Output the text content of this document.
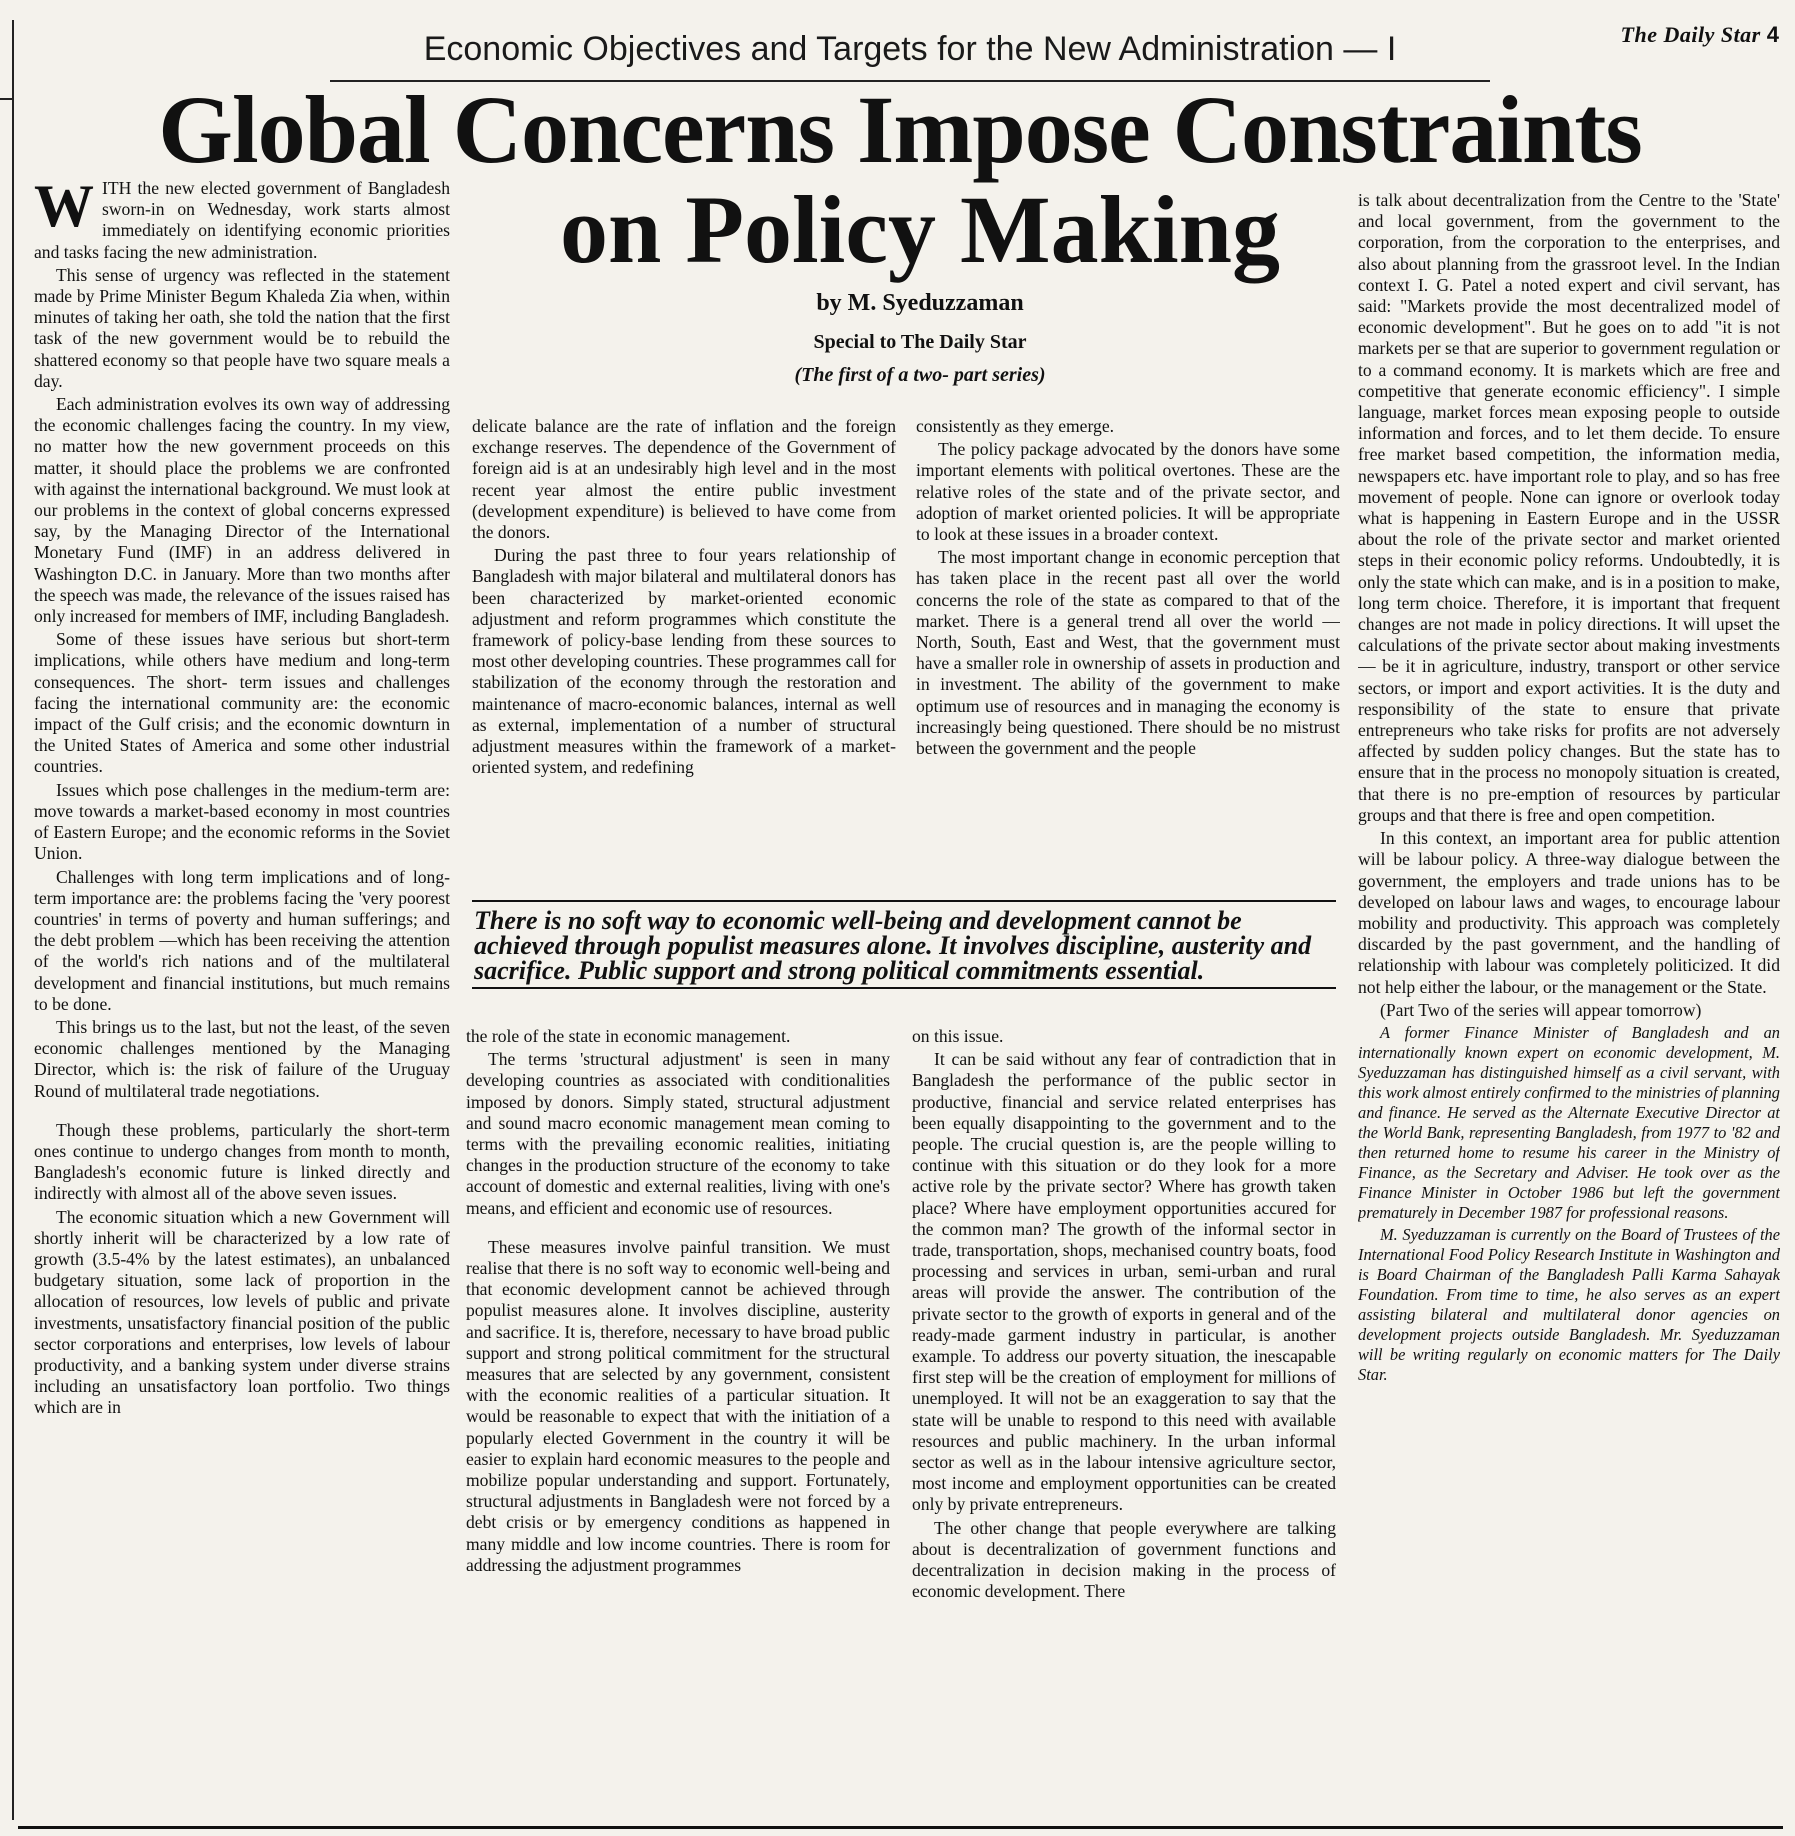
The Daily Star 4
Economic Objectives and Targets for the New Administration — I
Global Concerns Impose Constraints
on Policy Making
by M. Syeduzzaman
Special to The Daily Star
(The first of a two- part series)

WITH the new elected government of Bangladesh sworn-in on Wednesday, work starts almost immediately on identifying economic priorities and tasks facing the new administration.

This sense of urgency was reflected in the statement made by Prime Minister Begum Khaleda Zia when, within minutes of taking her oath, she told the nation that the first task of the new government would be to rebuild the shattered economy so that people have two square meals a day.

Each administration evolves its own way of addressing the economic challenges facing the country. In my view, no matter how the new government proceeds on this matter, it should place the problems we are confronted with against the international background. We must look at our problems in the context of global concerns expressed say, by the Managing Director of the International Monetary Fund (IMF) in an address delivered in Washington D.C. in January. More than two months after the speech was made, the relevance of the issues raised has only increased for members of IMF, including Bangladesh.

Some of these issues have serious but short-term implications, while others have medium and long-term consequences. The short- term issues and challenges facing the international community are: the economic impact of the Gulf crisis; and the economic downturn in the United States of America and some other industrial countries.

Issues which pose challenges in the medium-term are: move towards a market-based economy in most countries of Eastern Europe; and the economic reforms in the Soviet Union.

Challenges with long term implications and of long-term importance are: the problems facing the 'very poorest countries' in terms of poverty and human sufferings; and the debt problem —which has been receiving the attention of the world's rich nations and of the multilateral development and financial institutions, but much remains to be done.

This brings us to the last, but not the least, of the seven economic challenges mentioned by the Managing Director, which is: the risk of failure of the Uruguay Round of multilateral trade negotiations.

Though these problems, particularly the short-term ones continue to undergo changes from month to month, Bangladesh's economic future is linked directly and indirectly with almost all of the above seven issues.

The economic situation which a new Government will shortly inherit will be characterized by a low rate of growth (3.5-4% by the latest estimates), an unbalanced budgetary situation, some lack of proportion in the allocation of resources, low levels of public and private investments, unsatisfactory financial position of the public sector corporations and enterprises, low levels of labour productivity, and a banking system under diverse strains including an unsatisfactory loan portfolio. Two things which are in

delicate balance are the rate of inflation and the foreign exchange reserves. The dependence of the Government of foreign aid is at an undesirably high level and in the most recent year almost the entire public investment (development expenditure) is believed to have come from the donors.

During the past three to four years relationship of Bangladesh with major bilateral and multilateral donors has been characterized by market-oriented economic adjustment and reform programmes which constitute the framework of policy-base lending from these sources to most other developing countries. These programmes call for stabilization of the economy through the restoration and maintenance of macro-economic balances, internal as well as external, implementation of a number of structural adjustment measures within the framework of a market-oriented system, and redefining

consistently as they emerge.

The policy package advocated by the donors have some important elements with political overtones. These are the relative roles of the state and of the private sector, and adoption of market oriented policies. It will be appropriate to look at these issues in a broader context.

The most important change in economic perception that has taken place in the recent past all over the world concerns the role of the state as compared to that of the market. There is a general trend all over the world — North, South, East and West, that the government must have a smaller role in ownership of assets in production and in investment. The ability of the government to make optimum use of resources and in managing the economy is increasingly being questioned. There should be no mistrust between the government and the people

There is no soft way to economic well-being and development cannot be achieved through populist measures alone. It involves discipline, austerity and sacrifice. Public support and strong political commitments essential.

the role of the state in economic management.

The terms 'structural adjustment' is seen in many developing countries as associated with conditionalities imposed by donors. Simply stated, structural adjustment and sound macro economic management mean coming to terms with the prevailing economic realities, initiating changes in the production structure of the economy to take account of domestic and external realities, living with one's means, and efficient and economic use of resources.

These measures involve painful transition. We must realise that there is no soft way to economic well-being and that economic development cannot be achieved through populist measures alone. It involves discipline, austerity and sacrifice. It is, therefore, necessary to have broad public support and strong political commitment for the structural measures that are selected by any government, consistent with the economic realities of a particular situation. It would be reasonable to expect that with the initiation of a popularly elected Government in the country it will be easier to explain hard economic measures to the people and mobilize popular understanding and support. Fortunately, structural adjustments in Bangladesh were not forced by a debt crisis or by emergency conditions as happened in many middle and low income countries. There is room for addressing the adjustment programmes

on this issue.

It can be said without any fear of contradiction that in Bangladesh the performance of the public sector in productive, financial and service related enterprises has been equally disappointing to the government and to the people. The crucial question is, are the people willing to continue with this situation or do they look for a more active role by the private sector? Where has growth taken place? Where have employment opportunities accured for the common man? The growth of the informal sector in trade, transportation, shops, mechanised country boats, food processing and services in urban, semi-urban and rural areas will provide the answer. The contribution of the private sector to the growth of exports in general and of the ready-made garment industry in particular, is another example. To address our poverty situation, the inescapable first step will be the creation of employment for millions of unemployed. It will not be an exaggeration to say that the state will be unable to respond to this need with available resources and public machinery. In the urban informal sector as well as in the labour intensive agriculture sector, most income and employment opportunities can be created only by private entrepreneurs.

The other change that people everywhere are talking about is decentralization of government functions and decentralization in decision making in the process of economic development. There

is talk about decentralization from the Centre to the 'State' and local government, from the government to the corporation, from the corporation to the enterprises, and also about planning from the grassroot level. In the Indian context I. G. Patel a noted expert and civil servant, has said: "Markets provide the most decentralized model of economic development". But he goes on to add "it is not markets per se that are superior to government regulation or to a command economy. It is markets which are free and competitive that generate economic efficiency". I simple language, market forces mean exposing people to outside information and forces, and to let them decide. To ensure free market based competition, the information media, newspapers etc. have important role to play, and so has free movement of people. None can ignore or overlook today what is happening in Eastern Europe and in the USSR about the role of the private sector and market oriented steps in their economic policy reforms. Undoubtedly, it is only the state which can make, and is in a position to make, long term choice. Therefore, it is important that frequent changes are not made in policy directions. It will upset the calculations of the private sector about making investments — be it in agriculture, industry, transport or other service sectors, or import and export activities. It is the duty and responsibility of the state to ensure that private entrepreneurs who take risks for profits are not adversely affected by sudden policy changes. But the state has to ensure that in the process no monopoly situation is created, that there is no pre-emption of resources by particular groups and that there is free and open competition.

In this context, an important area for public attention will be labour policy. A three-way dialogue between the government, the employers and trade unions has to be developed on labour laws and wages, to encourage labour mobility and productivity. This approach was completely discarded by the past government, and the handling of relationship with labour was completely politicized. It did not help either the labour, or the management or the State.

(Part Two of the series will appear tomorrow)

A former Finance Minister of Bangladesh and an internationally known expert on economic development, M. Syeduzzaman has distinguished himself as a civil servant, with this work almost entirely confirmed to the ministries of planning and finance. He served as the Alternate Executive Director at the World Bank, representing Bangladesh, from 1977 to '82 and then returned home to resume his career in the Ministry of Finance, as the Secretary and Adviser. He took over as the Finance Minister in October 1986 but left the government prematurely in December 1987 for professional reasons.

M. Syeduzzaman is currently on the Board of Trustees of the International Food Policy Research Institute in Washington and is Board Chairman of the Bangladesh Palli Karma Sahayak Foundation. From time to time, he also serves as an expert assisting bilateral and multilateral donor agencies on development projects outside Bangladesh. Mr. Syeduzzaman will be writing regularly on economic matters for The Daily Star.
